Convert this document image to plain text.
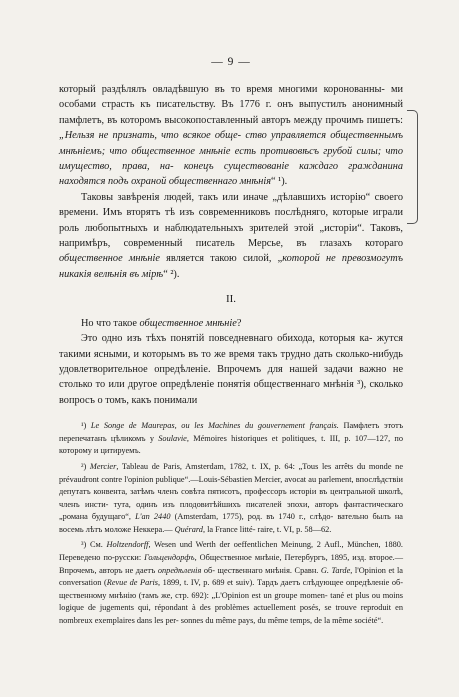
— 9 —

который раздѣлялъ овладѣвшую въ то время многими коронованны- ми особами страсть къ писательству. Въ 1776 г. онъ выпустилъ анонимный памфлетъ, въ которомъ высокопоставленный авторъ между прочимъ пишетъ: „Нельзя не признать, что всякое обще- ство управляется общественнымъ мнѣніемъ; что общественное мнѣніе есть противовѣсъ грубой силы; что имущество, права, на- конецъ существованіе каждаго гражданина находятся подъ охраной общественнаго мнѣнія“ ¹).

Таковы завѣренія людей, такъ или иначе „дѣлавшихъ исторію“ своего времени. Имъ вторятъ тѣ изъ современниковъ послѣдняго, которые играли роль любопытныхъ и наблюдательныхъ зрителей этой „исторіи“. Таковъ, напримѣръ, современный писатель Мерсье, въ глазахъ котораго общественное мнѣніе является такою силой, „которой не превозмогутъ никакія велѣнія въ мірѣ“ ²).

II.

Но что такое общественное мнѣніе?

Это одно изъ тѣхъ понятій повседневнаго обихода, которыя ка- жутся такими ясными, и которымъ въ то же время такъ трудно дать сколько-нибудь удовлетворительное опредѣленіе. Впрочемъ для нашей задачи важно не столько то или другое опредѣленіе понятія общественнаго мнѣнія ³), сколько вопросъ о томъ, какъ понимали

¹) Le Songe de Maurepas, ou les Machines du gouvernement français. Памфлетъ этотъ перепечатанъ цѣликомъ у Soulavie, Mémoires historiques et politiques, t. III, p. 107—127, по которому и цитируемъ.

²) Mercier, Tableau de Paris, Amsterdam, 1782, t. IX, p. 64: „Tous les arrêts du monde ne prévaudront contre l'opinion publique“.—Louis-Sébastien Mercier, avocat au parlement, впослѣдствіи депутатъ конвента, затѣмъ членъ совѣта пятисотъ, профессоръ исторіи въ центральной школѣ, членъ инсти- тута, одинъ изъ плодовитѣйшихъ писателей эпохи, авторъ фантастическаго „романа будущаго“, L'an 2440 (Amsterdam, 1775), род. въ 1740 г., слѣдо- вательно былъ на восемь лѣтъ моложе Неккера.— Quérard, la France litté- raire, t. VI, p. 58—62.

³) См. Holtzendorff, Wesen und Werth der oeffentlichen Meinung, 2 Aufl., München, 1880. Переведено по-русски: Гольцендорфъ, Общественное мнѣніе, Петербургъ, 1895, изд. второе.—Впрочемъ, авторъ не даетъ опредѣленія об- щественнаго мнѣнія. Сравн. G. Tarde, l'Opinion et la conversation (Revue de Paris, 1899, t. IV, p. 689 et suiv). Тардъ даетъ слѣдующее опредѣленіе об- щественному мнѣнію (тамъ же, стр. 692): „L'Opinion est un groupe momen- tané et plus ou moins logique de jugements qui, répondant à des problèmes actuellement posés, se trouve reproduit en nombreux exemplaires dans les per- sonnes du même pays, du même temps, de la même société“.
